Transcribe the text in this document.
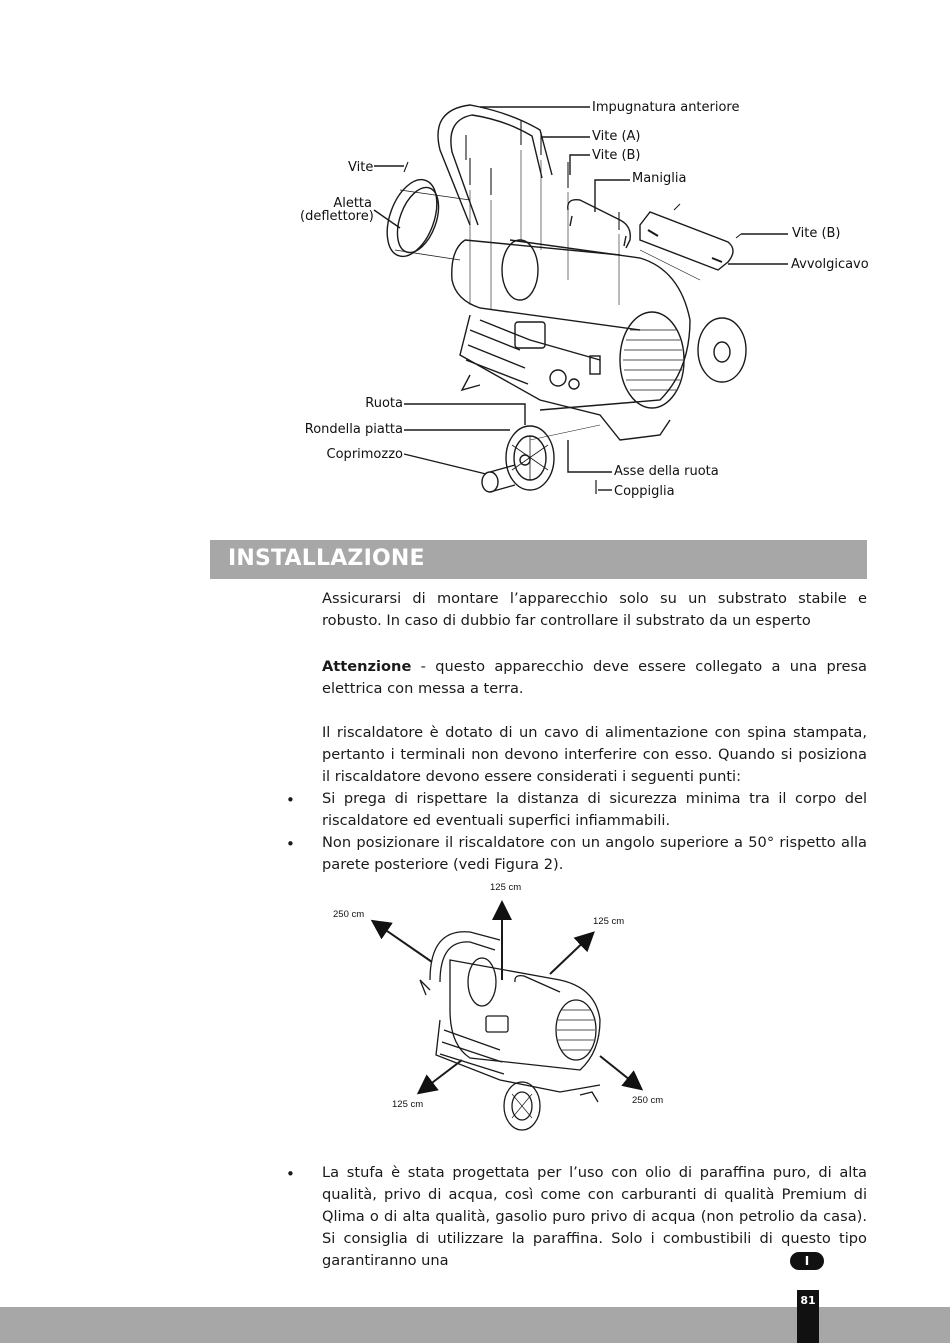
Impugnatura anteriore
Vite (A)
Vite (B)
Maniglia
Vite
Aletta
(deflettore)
Vite (B)
Avvolgicavo
Ruota
Rondella piatta
Coprimozzo
Asse della ruota
Coppiglia
INSTALLAZIONE
Assicurarsi di montare l’apparecchio solo su un substrato stabile e robusto. In caso di dubbio far controllare il substrato da un esperto
Attenzione - questo apparecchio deve essere collegato a una presa elettrica con messa a terra.
Il riscaldatore è dotato di un cavo di alimentazione con spina stampata, pertanto i terminali non devono interferire con esso. Quando si posiziona il riscaldatore devono essere considerati i seguenti punti:
• Si prega di rispettare la distanza di sicurezza minima tra il corpo del riscaldatore ed eventuali superfici infiammabili.
• Non posizionare il riscaldatore con un angolo superiore a 50° rispetto alla parete posteriore (vedi Figura 2).
125 cm
250 cm
125 cm
125 cm	250 cm
• La stufa è stata progettata per l’uso con olio di paraffina puro, di alta qualità, privo di acqua, così come con carburanti di qualità Premium di Qlima o di alta qualità, gasolio puro privo di acqua (non petrolio da casa). Si consiglia di utilizzare la paraffina. Solo i combustibili di questo tipo garantiranno una	I
81
